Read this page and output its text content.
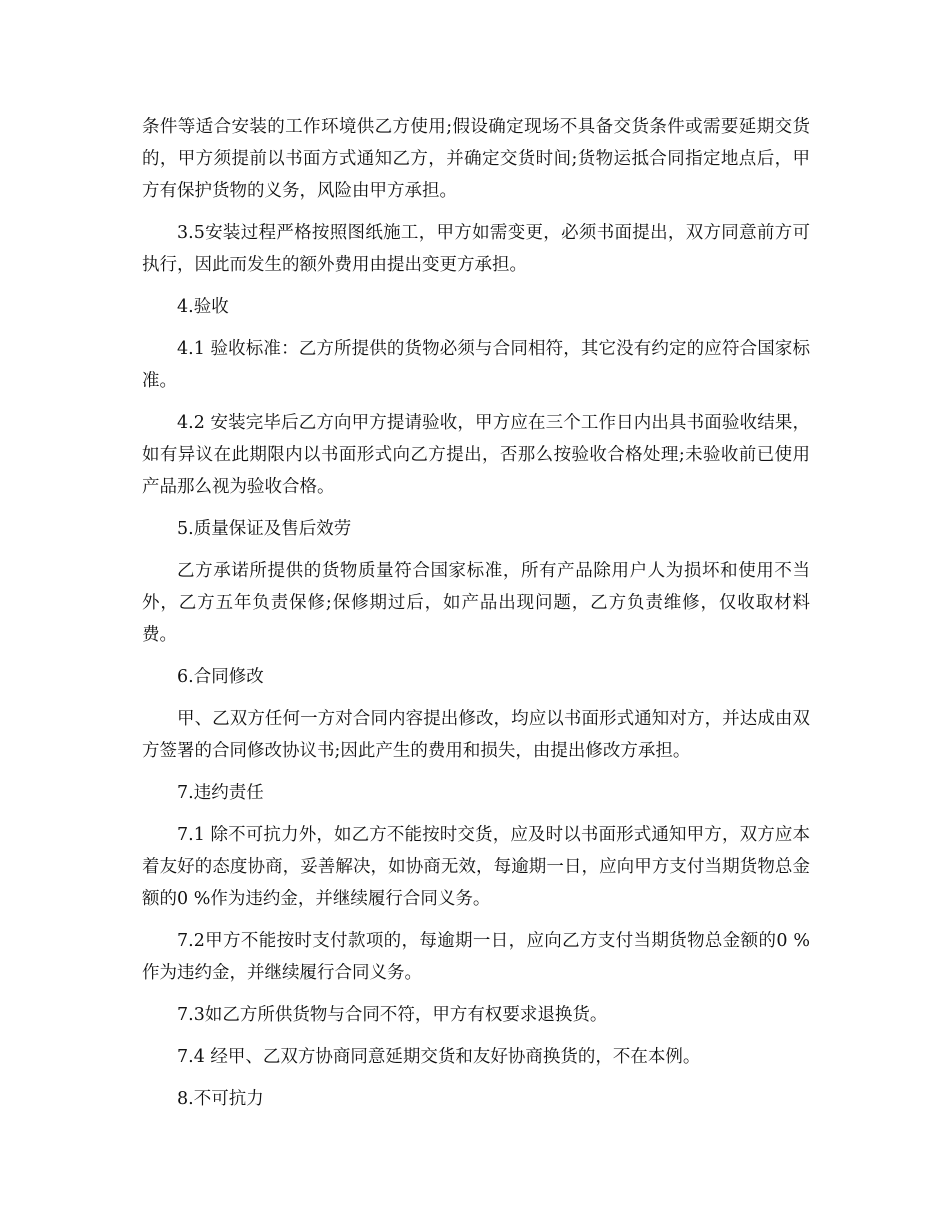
条件等适合安装的工作环境供乙方使用;假设确定现场不具备交货条件或需要延期交货的，甲方须提前以书面方式通知乙方，并确定交货时间;货物运抵合同指定地点后，甲方有保护货物的义务，风险由甲方承担。

3.5安装过程严格按照图纸施工，甲方如需变更，必须书面提出，双方同意前方可执行，因此而发生的额外费用由提出变更方承担。

4.验收

4.1 验收标准：乙方所提供的货物必须与合同相符，其它没有约定的应符合国家标准。

4.2 安装完毕后乙方向甲方提请验收，甲方应在三个工作日内出具书面验收结果，如有异议在此期限内以书面形式向乙方提出，否那么按验收合格处理;未验收前已使用产品那么视为验收合格。

5.质量保证及售后效劳

乙方承诺所提供的货物质量符合国家标准，所有产品除用户人为损坏和使用不当外，乙方五年负责保修;保修期过后，如产品出现问题，乙方负责维修，仅收取材料费。

6.合同修改

甲、乙双方任何一方对合同内容提出修改，均应以书面形式通知对方，并达成由双方签署的合同修改协议书;因此产生的费用和损失，由提出修改方承担。

7.违约责任

7.1 除不可抗力外，如乙方不能按时交货，应及时以书面形式通知甲方，双方应本着友好的态度协商，妥善解决，如协商无效，每逾期一日，应向甲方支付当期货物总金额的0 %作为违约金，并继续履行合同义务。

7.2甲方不能按时支付款项的，每逾期一日，应向乙方支付当期货物总金额的0 %作为违约金，并继续履行合同义务。

7.3如乙方所供货物与合同不符，甲方有权要求退换货。

7.4 经甲、乙双方协商同意延期交货和友好协商换货的，不在本例。

8.不可抗力
